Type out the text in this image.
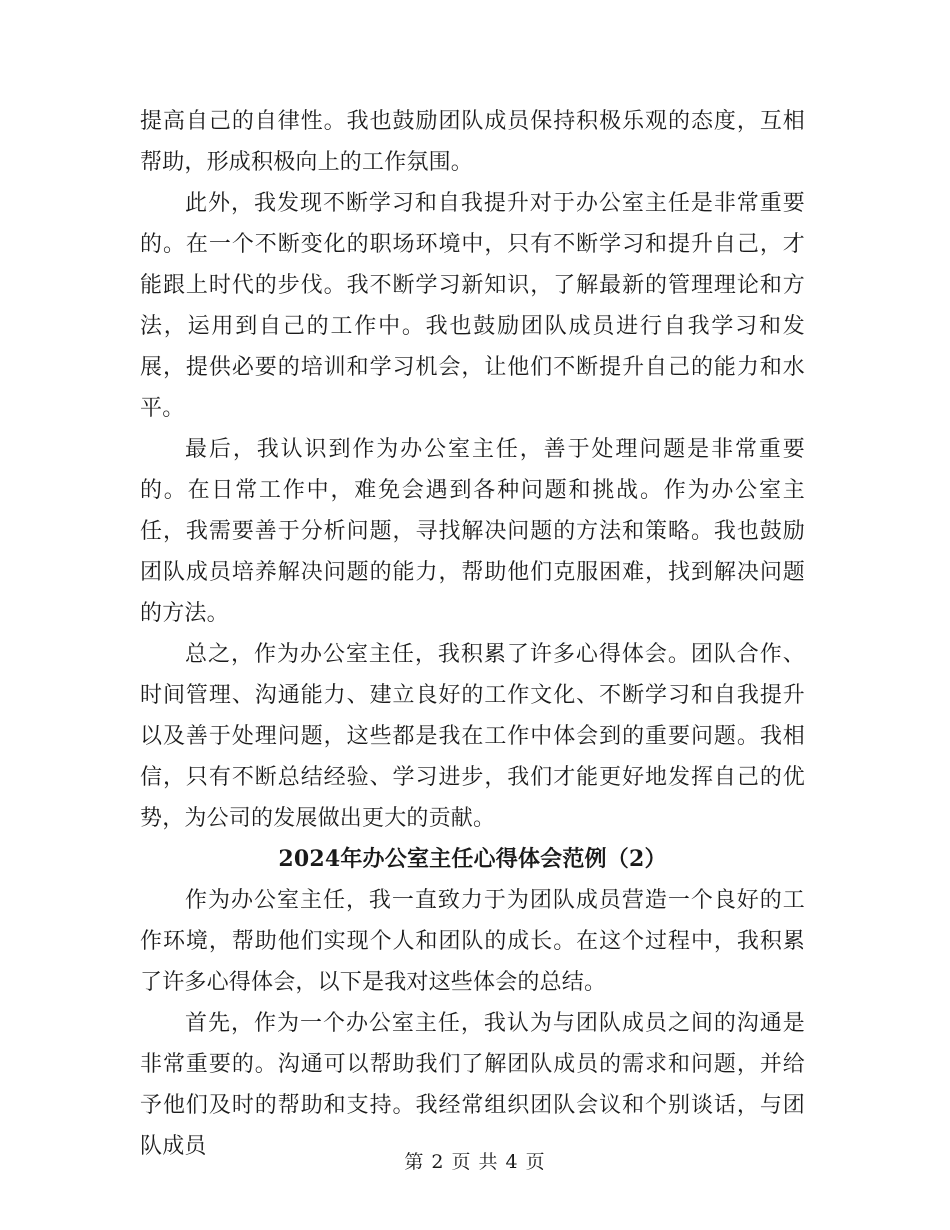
提高自己的自律性。我也鼓励团队成员保持积极乐观的态度，互相帮助，形成积极向上的工作氛围。

此外，我发现不断学习和自我提升对于办公室主任是非常重要的。在一个不断变化的职场环境中，只有不断学习和提升自己，才能跟上时代的步伐。我不断学习新知识，了解最新的管理理论和方法，运用到自己的工作中。我也鼓励团队成员进行自我学习和发展，提供必要的培训和学习机会，让他们不断提升自己的能力和水平。

最后，我认识到作为办公室主任，善于处理问题是非常重要的。在日常工作中，难免会遇到各种问题和挑战。作为办公室主任，我需要善于分析问题，寻找解决问题的方法和策略。我也鼓励团队成员培养解决问题的能力，帮助他们克服困难，找到解决问题的方法。

总之，作为办公室主任，我积累了许多心得体会。团队合作、时间管理、沟通能力、建立良好的工作文化、不断学习和自我提升以及善于处理问题，这些都是我在工作中体会到的重要问题。我相信，只有不断总结经验、学习进步，我们才能更好地发挥自己的优势，为公司的发展做出更大的贡献。

2024年办公室主任心得体会范例（2）

作为办公室主任，我一直致力于为团队成员营造一个良好的工作环境，帮助他们实现个人和团队的成长。在这个过程中，我积累了许多心得体会，以下是我对这些体会的总结。

首先，作为一个办公室主任，我认为与团队成员之间的沟通是非常重要的。沟通可以帮助我们了解团队成员的需求和问题，并给予他们及时的帮助和支持。我经常组织团队会议和个别谈话，与团队成员

第 2 页 共 4 页
